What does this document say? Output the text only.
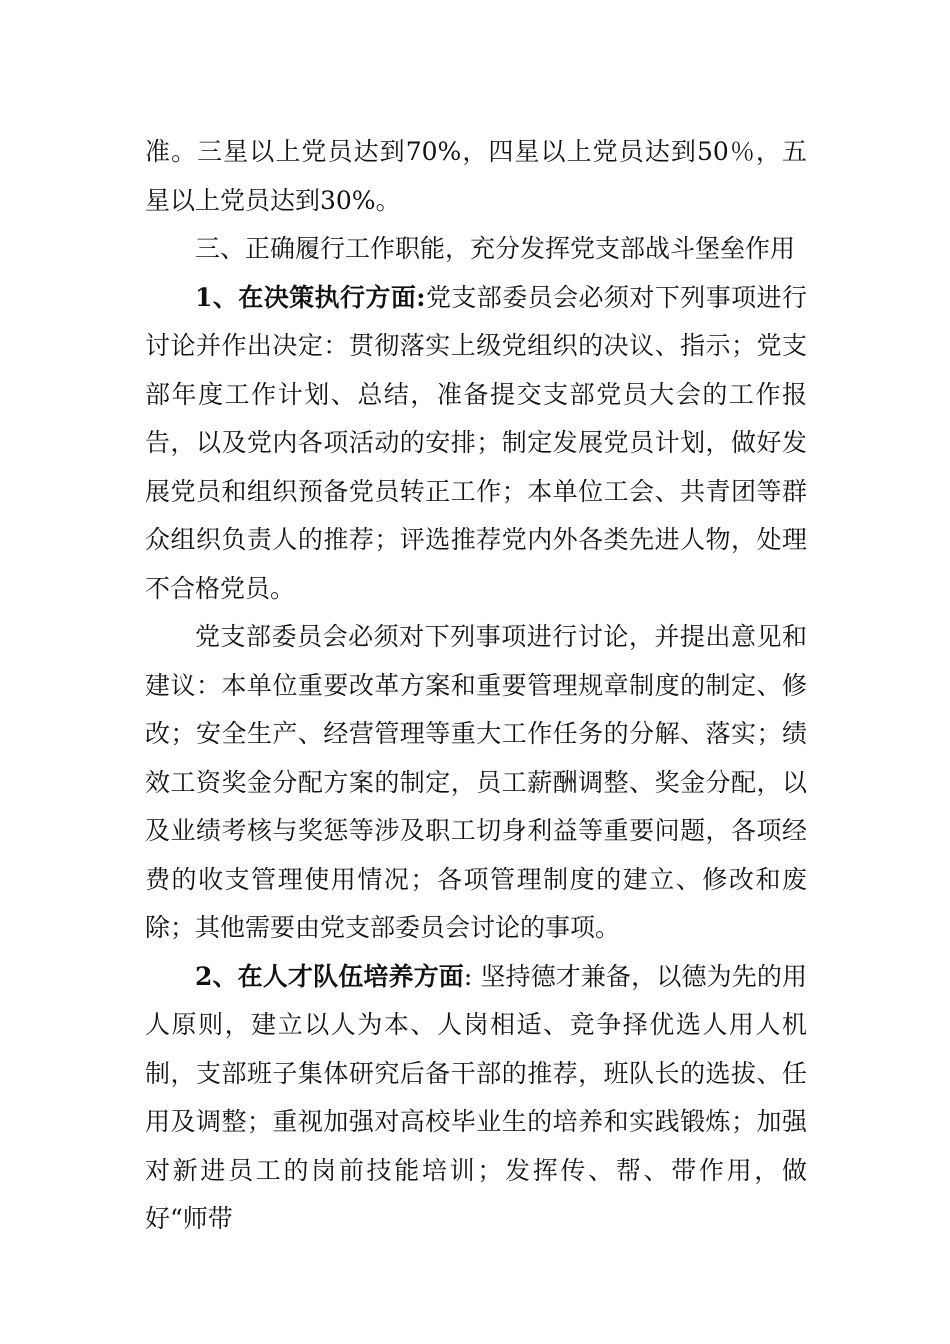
准。三星以上党员达到70%，四星以上党员达到50％，五星以上党员达到30%。

三、正确履行工作职能，充分发挥党支部战斗堡垒作用

1、在决策执行方面:党支部委员会必须对下列事项进行讨论并作出决定：贯彻落实上级党组织的决议、指示；党支部年度工作计划、总结，准备提交支部党员大会的工作报告，以及党内各项活动的安排；制定发展党员计划，做好发展党员和组织预备党员转正工作；本单位工会、共青团等群众组织负责人的推荐；评选推荐党内外各类先进人物，处理不合格党员。

党支部委员会必须对下列事项进行讨论，并提出意见和建议：本单位重要改革方案和重要管理规章制度的制定、修改；安全生产、经营管理等重大工作任务的分解、落实；绩效工资奖金分配方案的制定，员工薪酬调整、奖金分配，以及业绩考核与奖惩等涉及职工切身利益等重要问题，各项经费的收支管理使用情况；各项管理制度的建立、修改和废除；其他需要由党支部委员会讨论的事项。

2、在人才队伍培养方面: 坚持德才兼备，以德为先的用人原则，建立以人为本、人岗相适、竞争择优选人用人机制，支部班子集体研究后备干部的推荐，班队长的选拔、任用及调整；重视加强对高校毕业生的培养和实践锻炼；加强对新进员工的岗前技能培训；发挥传、帮、带作用，做好“师带
